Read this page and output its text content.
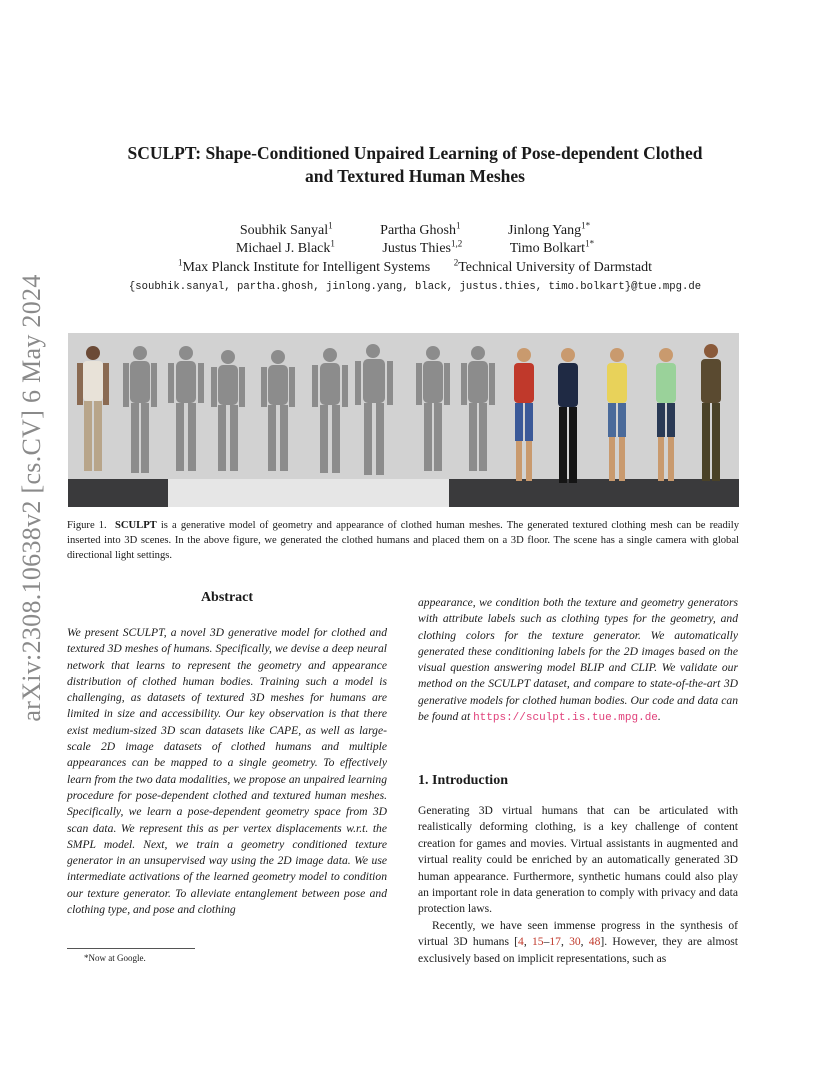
arXiv:2308.10638v2 [cs.CV] 6 May 2024
SCULPT: Shape-Conditioned Unpaired Learning of Pose-dependent Clothed
and Textured Human Meshes
Soubhik Sanyal$^1$	Partha Ghosh$^1$	Jinlong Yang$^{1*}$
Michael J. Black$^1$	Justus Thies$^{1,2}$	Timo Bolkart$^{1*}$
$^1$Max Planck Institute for Intelligent Systems	$^2$Technical University of Darmstadt
{soubhik.sanyal, partha.ghosh, jinlong.yang, black, justus.thies, timo.bolkart}@tue.mpg.de
Figure 1. SCULPT is a generative model of geometry and appearance of clothed human meshes. The generated textured clothing mesh can be readily inserted into 3D scenes. In the above figure, we generated the clothed humans and placed them on a 3D floor. The scene has a single camera with global directional light settings.
Abstract
We present SCULPT, a novel 3D generative model for clothed and textured 3D meshes of humans. Specifically, we devise a deep neural network that learns to represent the geometry and appearance distribution of clothed human bodies. Training such a model is challenging, as datasets of textured 3D meshes for humans are limited in size and accessibility. Our key observation is that there exist medium-sized 3D scan datasets like CAPE, as well as large-scale 2D image datasets of clothed humans and multiple appearances can be mapped to a single geometry. To effectively learn from the two data modalities, we propose an unpaired learning procedure for pose-dependent clothed and textured human meshes. Specifically, we learn a pose-dependent geometry space from 3D scan data. We represent this as per vertex displacements w.r.t. the SMPL model. Next, we train a geometry conditioned texture generator in an unsupervised way using the 2D image data. We use intermediate activations of the learned geometry model to condition our texture generator. To alleviate entanglement between pose and clothing type, and pose and clothing
appearance, we condition both the texture and geometry generators with attribute labels such as clothing types for the geometry, and clothing colors for the texture generator. We automatically generated these conditioning labels for the 2D images based on the visual question answering model BLIP and CLIP. We validate our method on the SCULPT dataset, and compare to state-of-the-art 3D generative models for clothed human bodies. Our code and data can be found at https://sculpt.is.tue.mpg.de.
1. Introduction

Generating 3D virtual humans that can be articulated with realistically deforming clothing, is a key challenge of content creation for games and movies. Virtual assistants in augmented and virtual reality could be enriched by an automatically generated 3D human appearance. Furthermore, synthetic humans could also play an important role in data generation to comply with privacy and data protection laws.

Recently, we have seen immense progress in the synthesis of virtual 3D humans [4, 15–17, 30, 48]. However, they are almost exclusively based on implicit representations, such as

*Now at Google.
